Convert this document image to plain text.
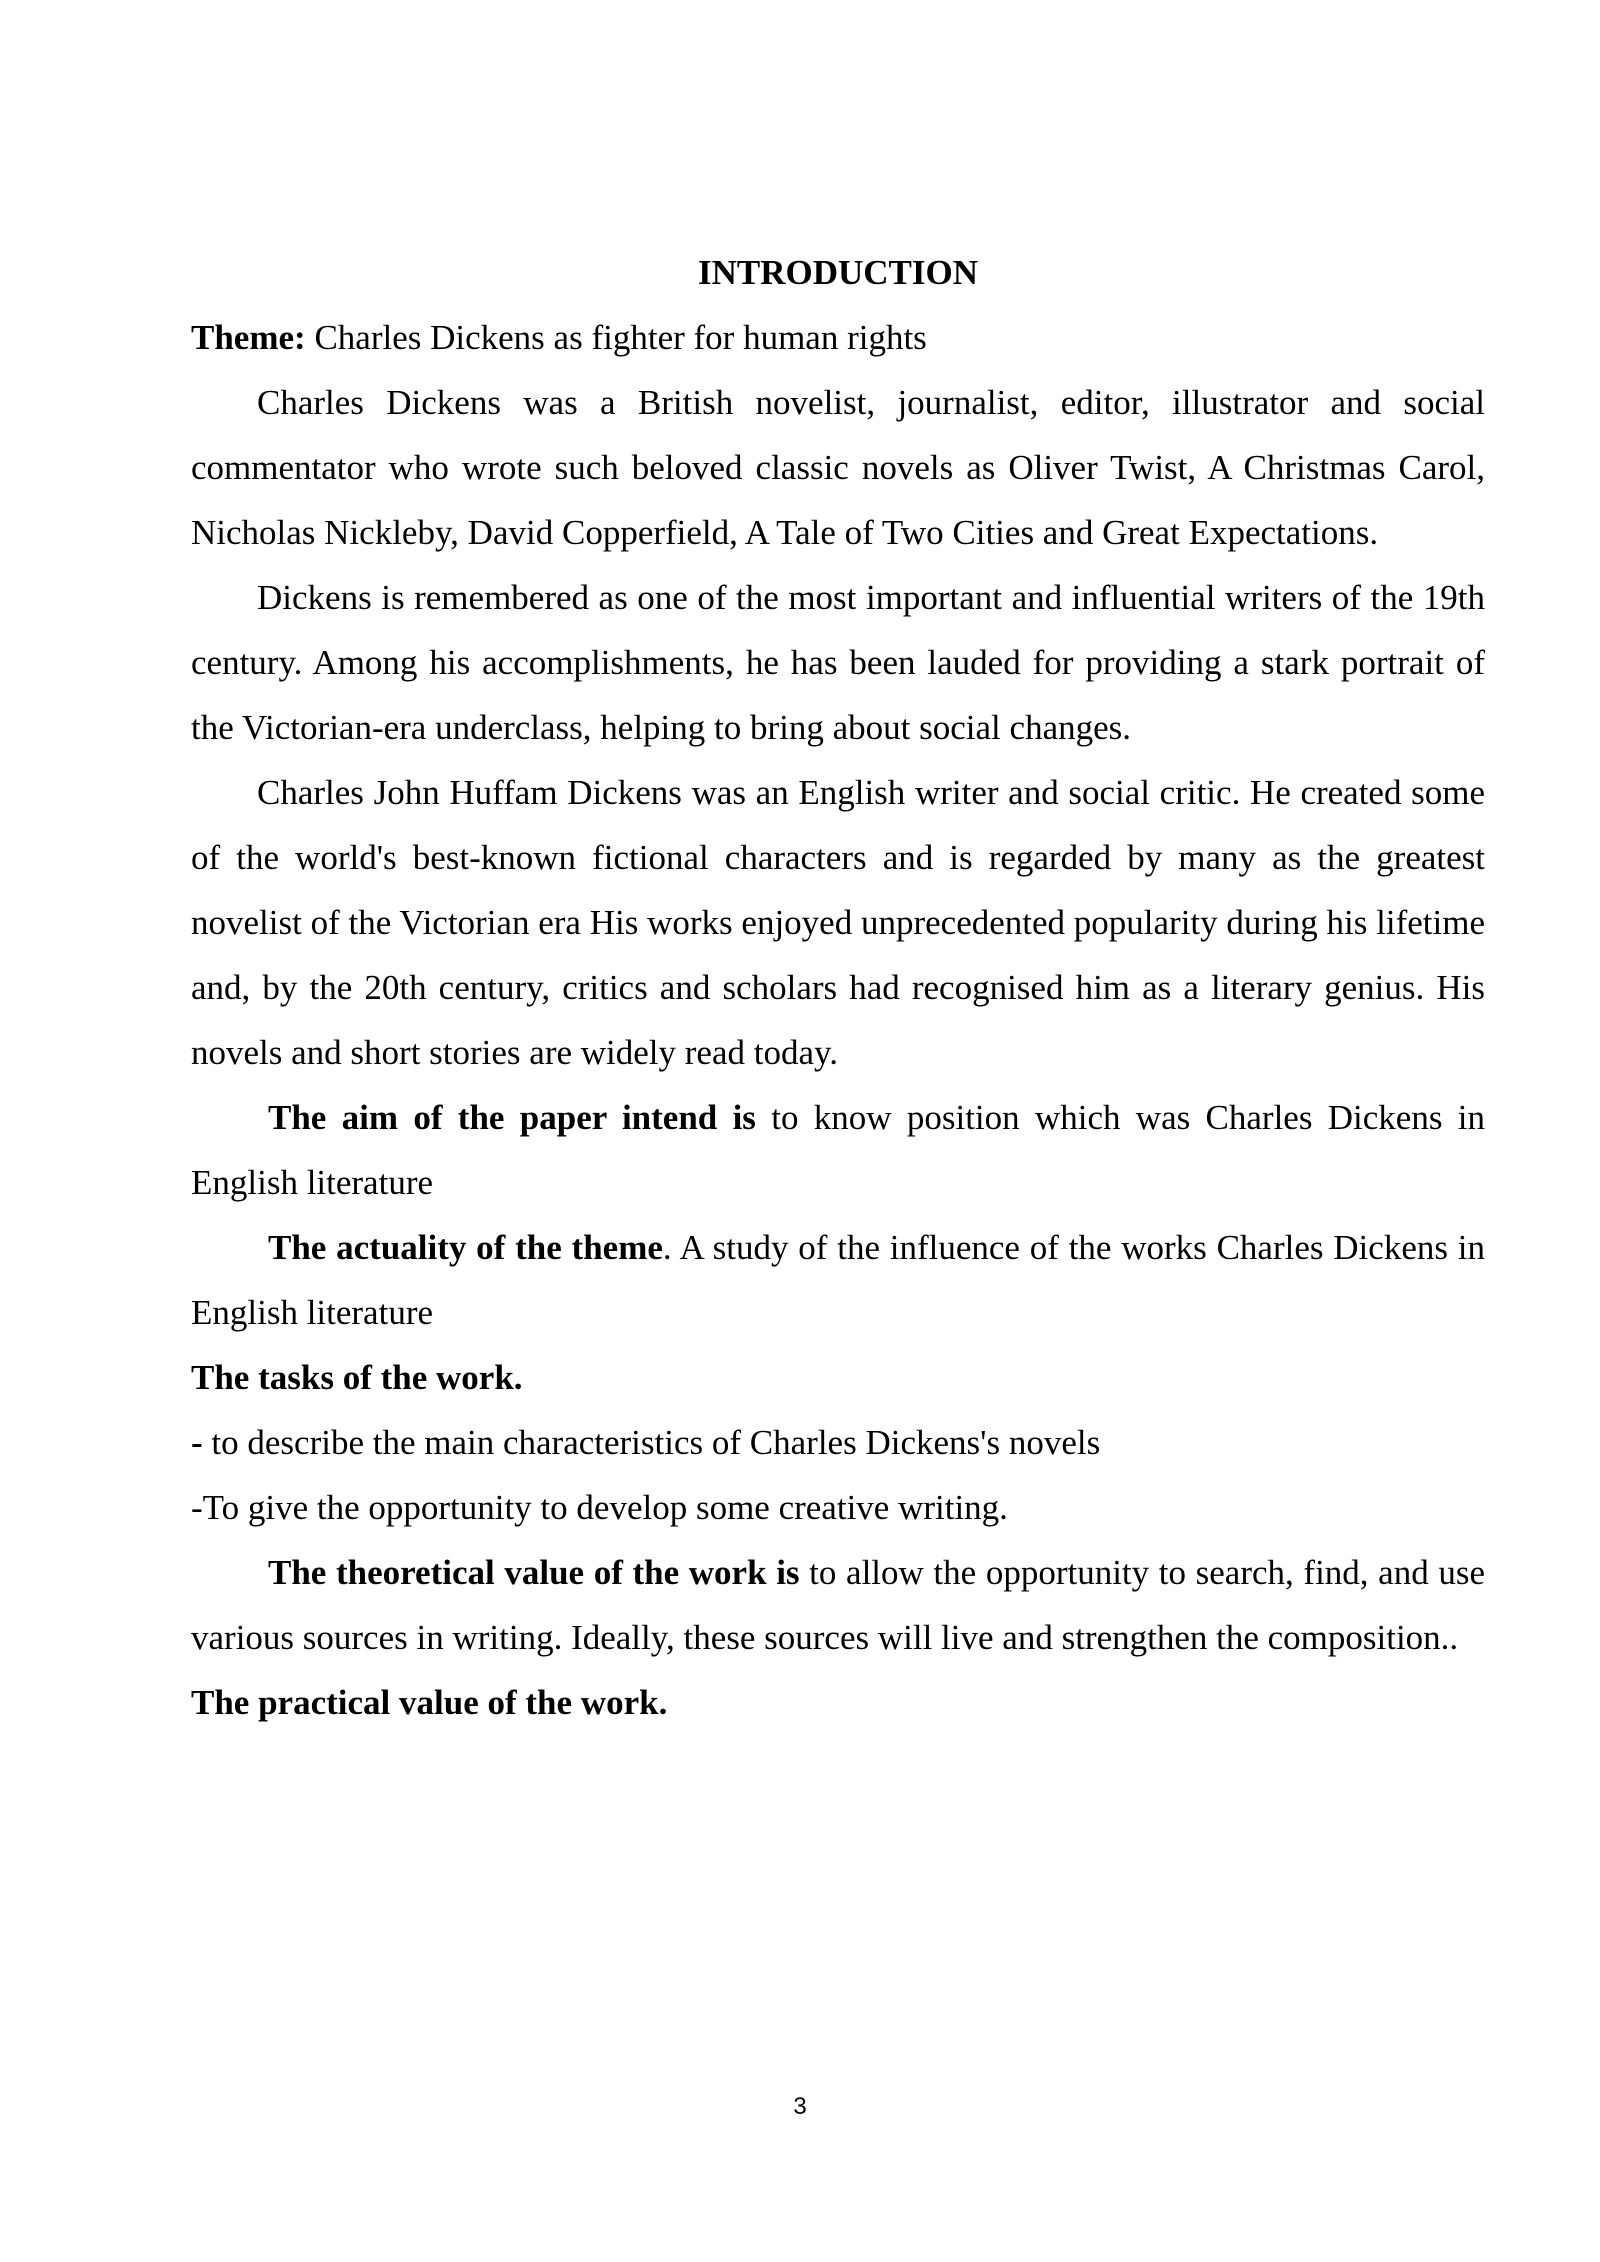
INTRODUCTION

Theme: Charles Dickens as fighter for human rights

Charles Dickens was a British novelist, journalist, editor, illustrator and social commentator who wrote such beloved classic novels as Oliver Twist, A Christmas Carol, Nicholas Nickleby, David Copperfield, A Tale of Two Cities and Great Expectations.

Dickens is remembered as one of the most important and influential writers of the 19th century. Among his accomplishments, he has been lauded for providing a stark portrait of the Victorian-era underclass, helping to bring about social changes.

Charles John Huffam Dickens was an English writer and social critic. He created some of the world's best-known fictional characters and is regarded by many as the greatest novelist of the Victorian era His works enjoyed unprecedented popularity during his lifetime and, by the 20th century, critics and scholars had recognised him as a literary genius. His novels and short stories are widely read today.

The aim of the paper intend is to know position which was Charles Dickens in English literature

The actuality of the theme. A study of the influence of the works Charles Dickens in English literature

The tasks of the work.

- to describe the main characteristics of Charles Dickens's novels

-To give the opportunity to develop some creative writing.

The theoretical value of the work is to allow the opportunity to search, find, and use various sources in writing. Ideally, these sources will live and strengthen the composition..

The practical value of the work.

3
